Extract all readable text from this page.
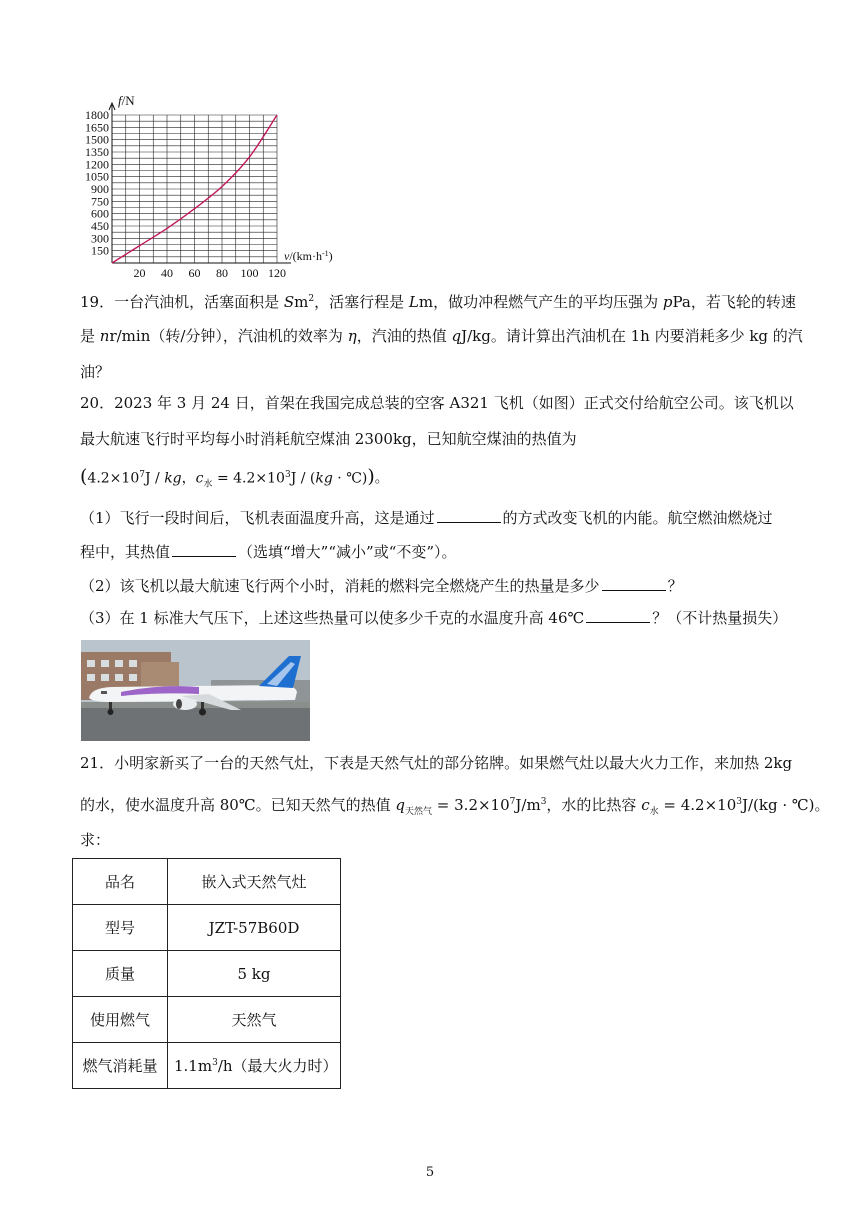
1800
1650
1500
1350
1200
1050
900
750
600
450
300
150
20 40 60 80 100 120
f/N
$v/(km\cdot h^{-1})$
19．一台汽油机，活塞面积是 Sm$^2$，活塞行程是 Lm，做功冲程燃气产生的平均压强为 pPa，若飞轮的转速
是 nr/min（转/分钟），汽油机的效率为 η，汽油的热值 qJ/kg。请计算出汽油机在 1h 内要消耗多少 kg 的汽
油？
20．2023 年 3 月 24 日，首架在我国完成总装的空客 A321 飞机（如图）正式交付给航空公司。该飞机以
最大航速飞行时平均每小时消耗航空煤油 2300kg，已知航空煤油的热值为
($4.2\times 10^7J$ / kg，$c_水 = 4.2\times 10^3J / (kg$ · ℃))。
（1）飞行一段时间后，飞机表面温度升高，这是通过	的方式改变飞机的内能。航空燃油燃烧过
程中，其热值	（选填“增大”“减小”或“不变”）。
（2）该飞机以最大航速飞行两个小时，消耗的燃料完全燃烧产生的热量是多少	？
（3）在 1 标准大气压下，上述这些热量可以使多少千克的水温度升高 46℃	？（不计热量损失）
21．小明家新买了一台的天然气灶，下表是天然气灶的部分铭牌。如果燃气灶以最大火力工作，来加热 2kg
的水，使水温度升高 80℃。已知天然气的热值 $q_{天然气} = 3.2\times 10^7J/m^3$，水的比热容 $c_水 = 4.2\times 10^3J/(kg$ · ℃)。
求：
品名	嵌入式天然气灶
型号	JZT-57B60D
质量	5 kg
使用燃气	天然气
燃气消耗量	$1.1m^3/h$（最大火力时）
5
